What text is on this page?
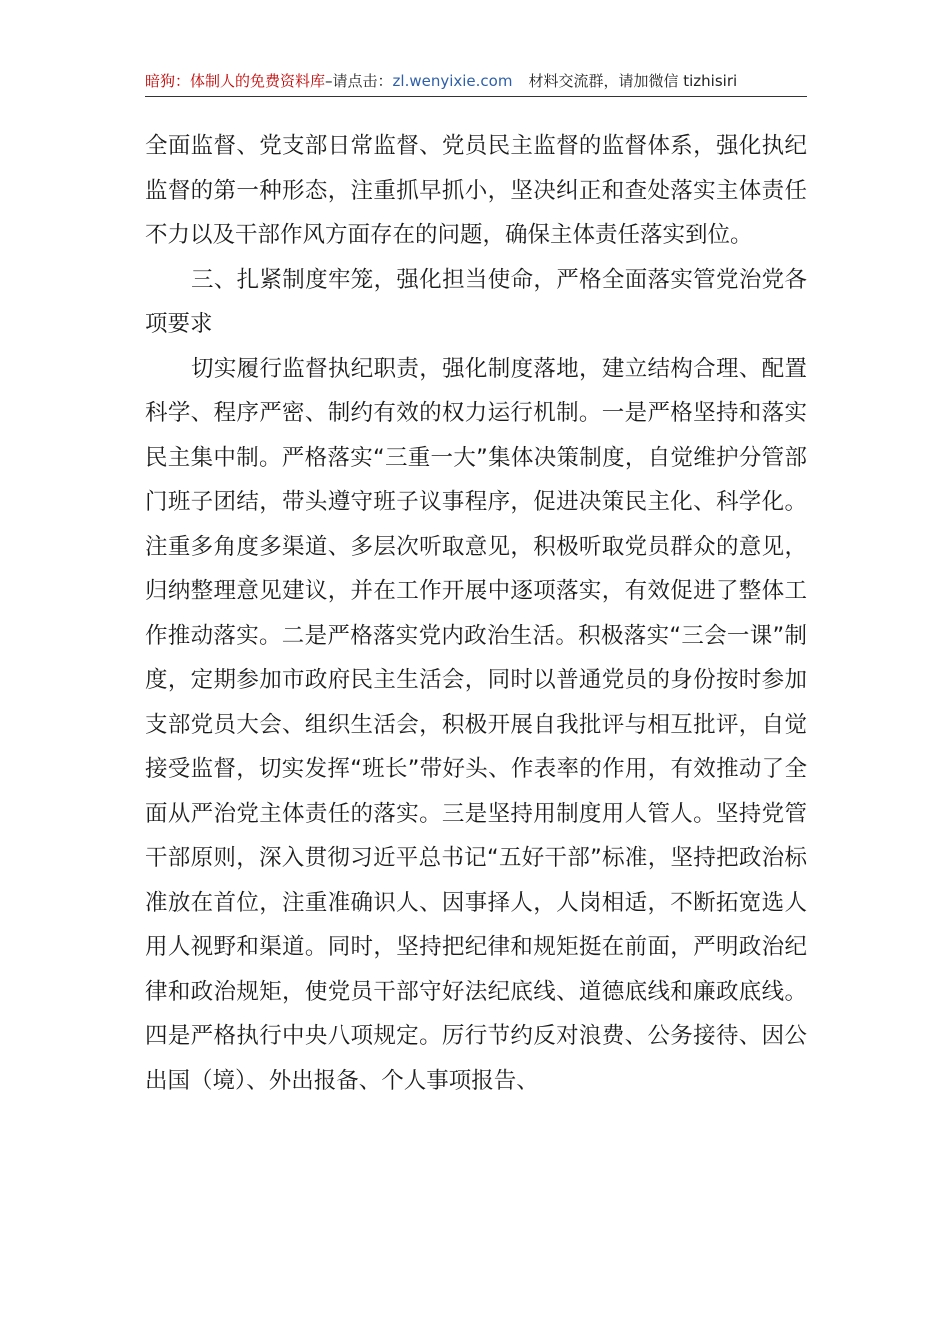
暗狗：体制人的免费资料库–请点击：zl.wenyixie.com 材料交流群，请加微信 tizhisiri

全面监督、党支部日常监督、党员民主监督的监督体系，强化执纪监督的第一种形态，注重抓早抓小，坚决纠正和查处落实主体责任不力以及干部作风方面存在的问题，确保主体责任落实到位。

三、扎紧制度牢笼，强化担当使命，严格全面落实管党治党各项要求

切实履行监督执纪职责，强化制度落地，建立结构合理、配置科学、程序严密、制约有效的权力运行机制。一是严格坚持和落实民主集中制。严格落实“三重一大”集体决策制度，自觉维护分管部门班子团结，带头遵守班子议事程序，促进决策民主化、科学化。注重多角度多渠道、多层次听取意见，积极听取党员群众的意见，归纳整理意见建议，并在工作开展中逐项落实，有效促进了整体工作推动落实。二是严格落实党内政治生活。积极落实“三会一课”制度，定期参加市政府民主生活会，同时以普通党员的身份按时参加支部党员大会、组织生活会，积极开展自我批评与相互批评，自觉接受监督，切实发挥“班长”带好头、作表率的作用，有效推动了全面从严治党主体责任的落实。三是坚持用制度用人管人。坚持党管干部原则，深入贯彻习近平总书记“五好干部”标准，坚持把政治标准放在首位，注重准确识人、因事择人，人岗相适，不断拓宽选人用人视野和渠道。同时，坚持把纪律和规矩挺在前面，严明政治纪律和政治规矩，使党员干部守好法纪底线、道德底线和廉政底线。四是严格执行中央八项规定。厉行节约反对浪费、公务接待、因公出国（境）、外出报备、个人事项报告、
